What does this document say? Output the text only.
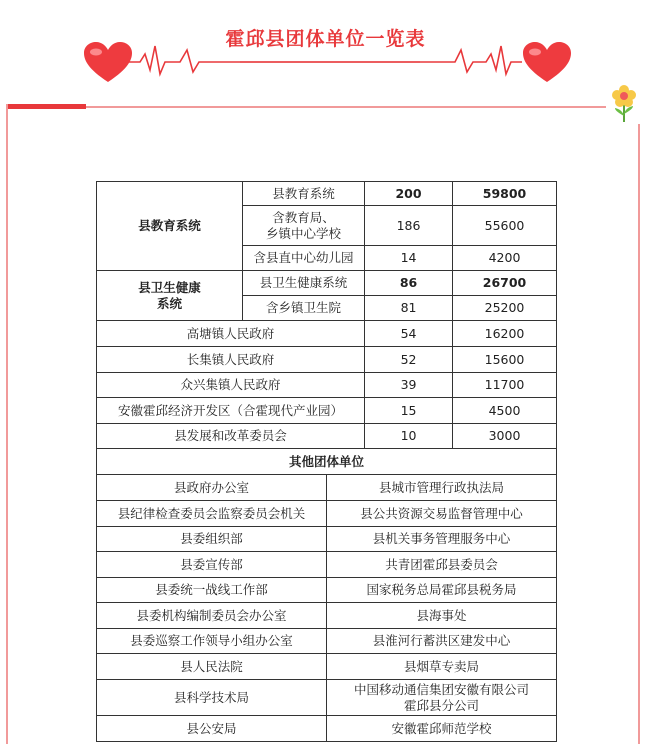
霍邱县团体单位一览表
县教育系统	县教育系统		200	59800
	含教育局、
乡镇中心学校		186	55600
	含县直中心幼儿园		14	4200
县卫生健康
系统	县卫生健康系统		86	26700
	含乡镇卫生院		81	25200
高塘镇人民政府			54	16200
长集镇人民政府			52	15600
众兴集镇人民政府			39	11700
安徽霍邱经济开发区（合霍现代产业园）			15	4500
县发展和改革委员会			10	3000
其他团体单位				
县政府办公室		县城市管理行政执法局		
县纪律检查委员会监察委员会机关		县公共资源交易监督管理中心		
县委组织部		县机关事务管理服务中心		
县委宣传部		共青团霍邱县委员会		
县委统一战线工作部		国家税务总局霍邱县税务局		
县委机构编制委员会办公室		县海事处		
县委巡察工作领导小组办公室		县淮河行蓄洪区建发中心		
县人民法院		县烟草专卖局		
县科学技术局		中国移动通信集团安徽有限公司
霍邱县分公司		
县公安局		安徽霍邱师范学校		
